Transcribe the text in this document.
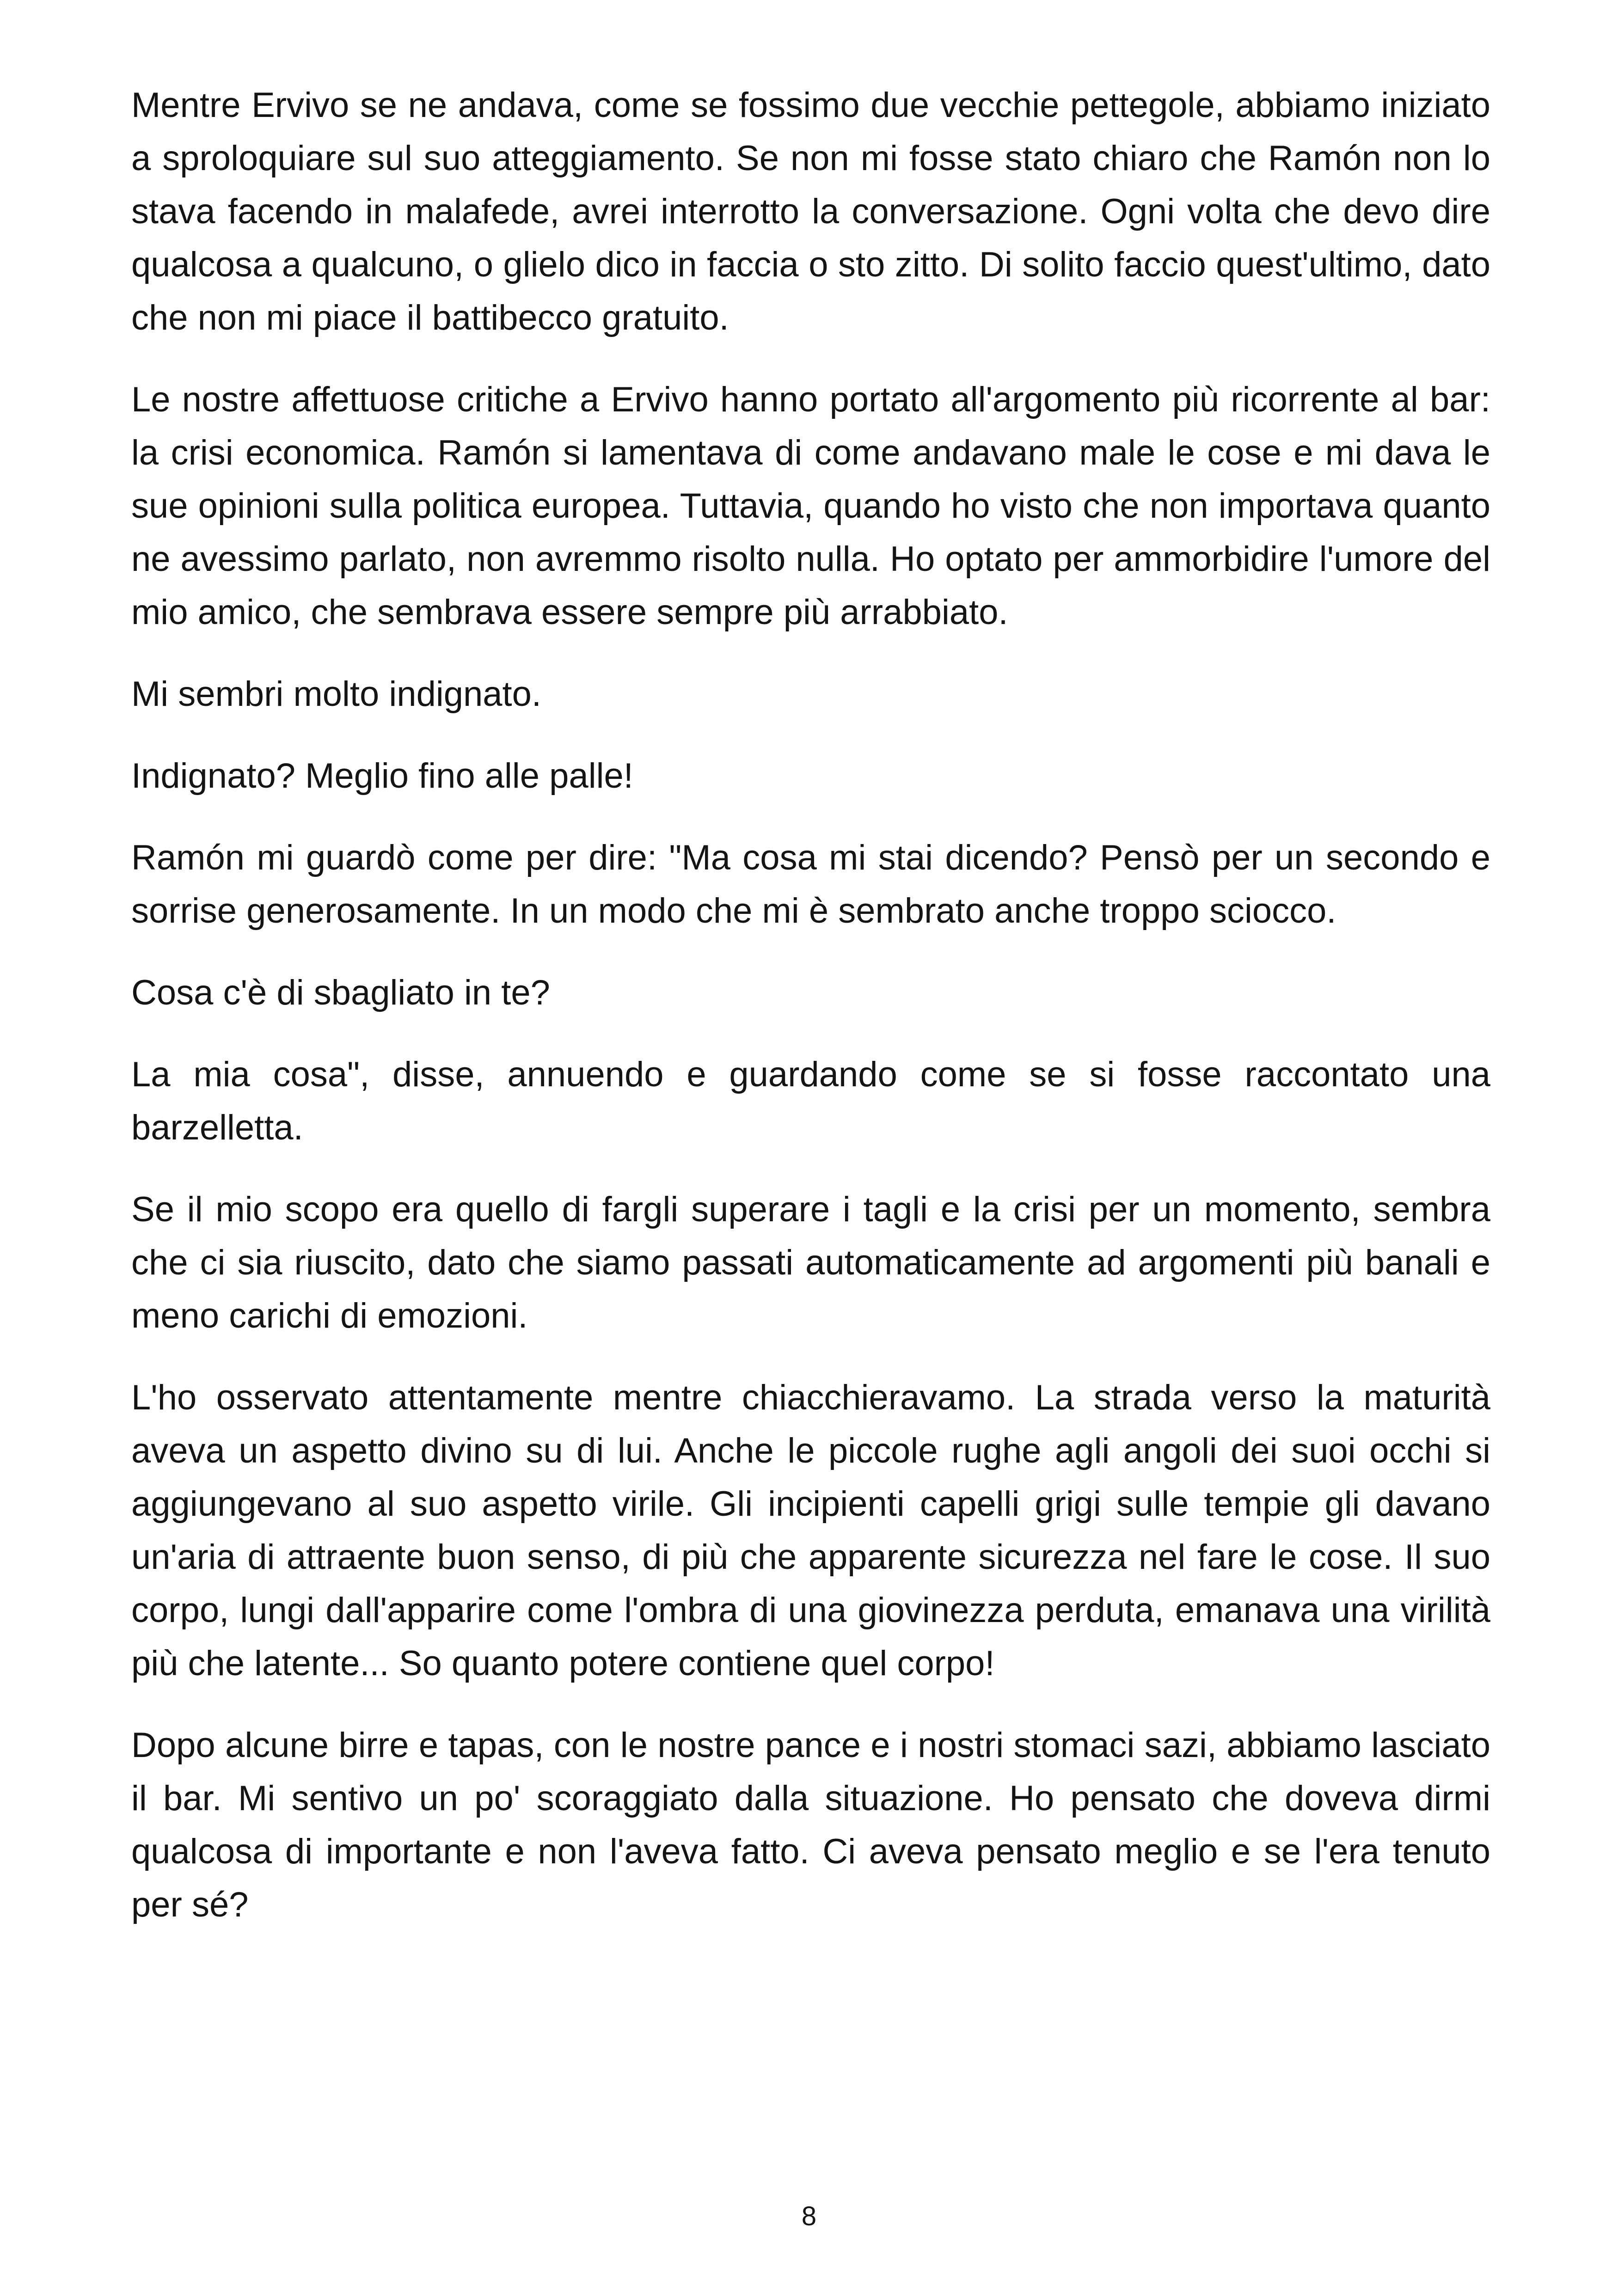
Mentre Ervivo se ne andava, come se fossimo due vecchie pettegole, abbiamo iniziato a sproloquiare sul suo atteggiamento. Se non mi fosse stato chiaro che Ramón non lo stava facendo in malafede, avrei interrotto la conversazione. Ogni volta che devo dire qualcosa a qualcuno, o glielo dico in faccia o sto zitto. Di solito faccio quest'ultimo, dato che non mi piace il battibecco gratuito.

Le nostre affettuose critiche a Ervivo hanno portato all'argomento più ricorrente al bar: la crisi economica. Ramón si lamentava di come andavano male le cose e mi dava le sue opinioni sulla politica europea. Tuttavia, quando ho visto che non importava quanto ne avessimo parlato, non avremmo risolto nulla. Ho optato per ammorbidire l'umore del mio amico, che sembrava essere sempre più arrabbiato.

Mi sembri molto indignato.

Indignato? Meglio fino alle palle!

Ramón mi guardò come per dire: "Ma cosa mi stai dicendo? Pensò per un secondo e sorrise generosamente. In un modo che mi è sembrato anche troppo sciocco.

Cosa c'è di sbagliato in te?

La mia cosa", disse, annuendo e guardando come se si fosse raccontato una barzelletta.

Se il mio scopo era quello di fargli superare i tagli e la crisi per un momento, sembra che ci sia riuscito, dato che siamo passati automaticamente ad argomenti più banali e meno carichi di emozioni.

L'ho osservato attentamente mentre chiacchieravamo. La strada verso la maturità aveva un aspetto divino su di lui. Anche le piccole rughe agli angoli dei suoi occhi si aggiungevano al suo aspetto virile. Gli incipienti capelli grigi sulle tempie gli davano un'aria di attraente buon senso, di più che apparente sicurezza nel fare le cose. Il suo corpo, lungi dall'apparire come l'ombra di una giovinezza perduta, emanava una virilità più che latente... So quanto potere contiene quel corpo!

Dopo alcune birre e tapas, con le nostre pance e i nostri stomaci sazi, abbiamo lasciato il bar. Mi sentivo un po' scoraggiato dalla situazione. Ho pensato che doveva dirmi qualcosa di importante e non l'aveva fatto. Ci aveva pensato meglio e se l'era tenuto per sé?

8
